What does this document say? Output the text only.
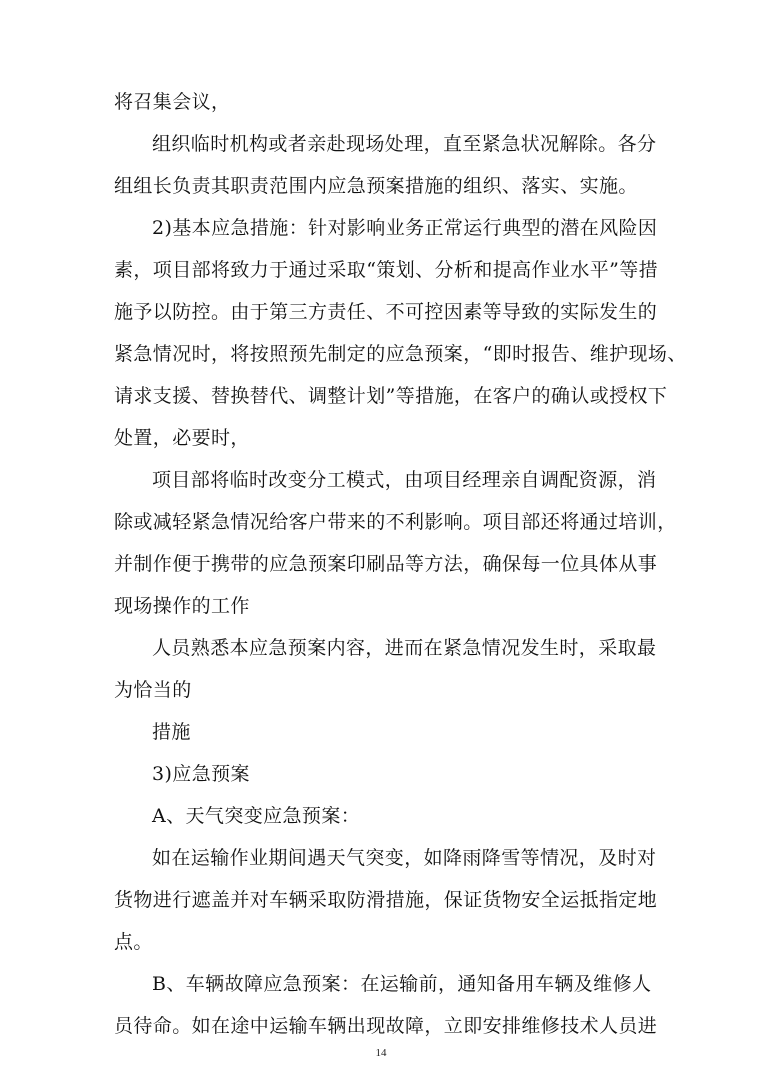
将召集会议，
组织临时机构或者亲赴现场处理，直至紧急状况解除。各分
组组长负责其职责范围内应急预案措施的组织、落实、实施。
2)基本应急措施：针对影响业务正常运行典型的潜在风险因
素，项目部将致力于通过采取“策划、分析和提高作业水平”等措
施予以防控。由于第三方责任、不可控因素等导致的实际发生的
紧急情况时，将按照预先制定的应急预案，“即时报告、维护现场、
请求支援、替换替代、调整计划”等措施，在客户的确认或授权下
处置，必要时，
项目部将临时改变分工模式，由项目经理亲自调配资源，消
除或减轻紧急情况给客户带来的不利影响。项目部还将通过培训，
并制作便于携带的应急预案印刷品等方法，确保每一位具体从事
现场操作的工作
人员熟悉本应急预案内容，进而在紧急情况发生时，采取最
为恰当的
措施
3)应急预案
A、天气突变应急预案：
如在运输作业期间遇天气突变，如降雨降雪等情况，及时对
货物进行遮盖并对车辆采取防滑措施，保证货物安全运抵指定地
点。
B、车辆故障应急预案：在运输前，通知备用车辆及维修人
员待命。如在途中运输车辆出现故障，立即安排维修技术人员进
14
